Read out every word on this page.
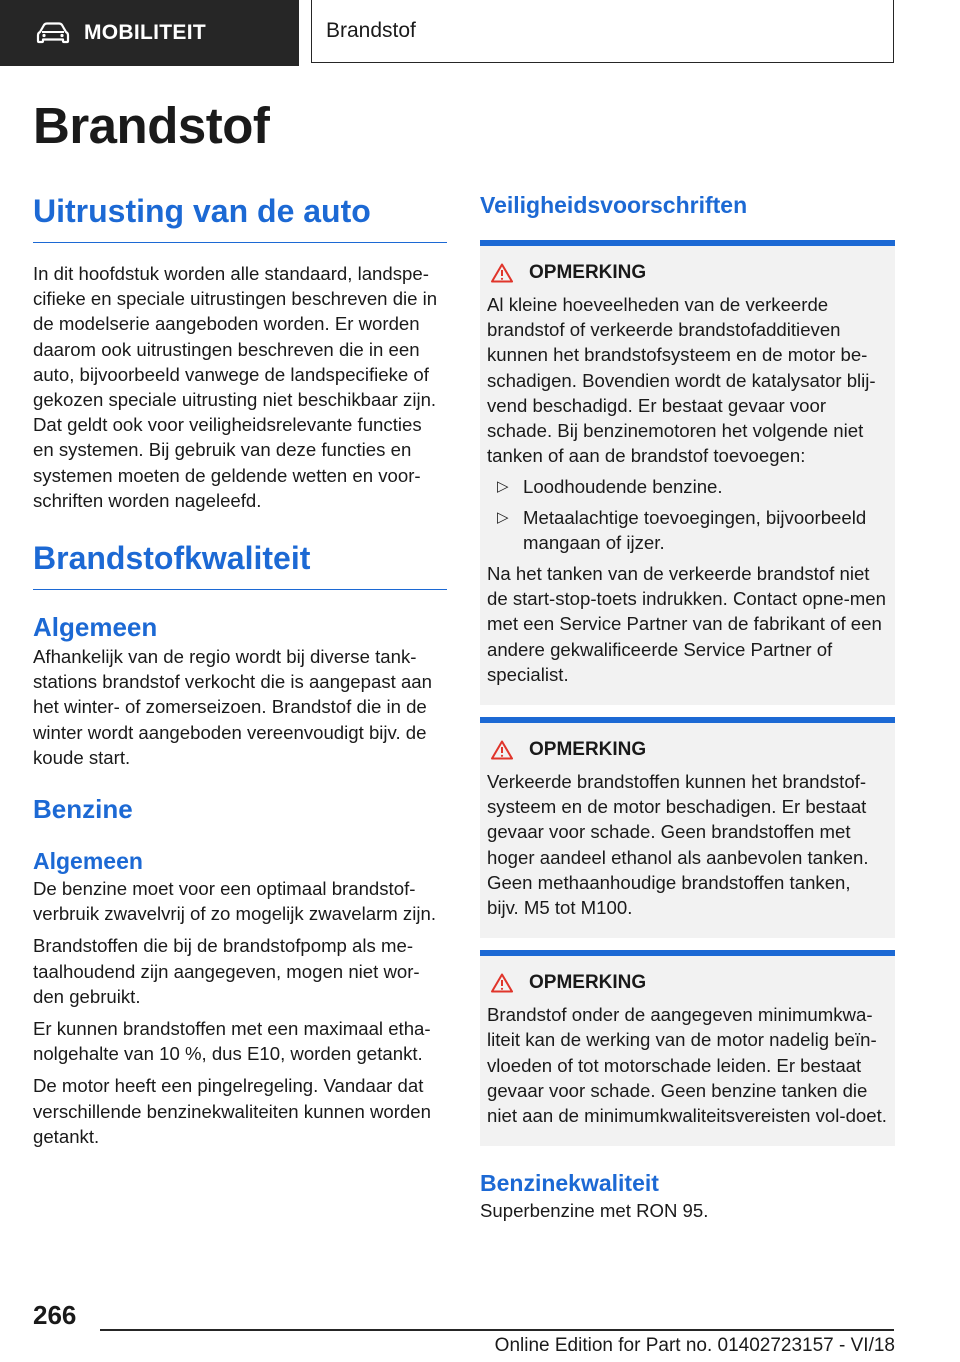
MOBILITEIT	Brandstof
Brandstof
Uitrusting van de auto

In dit hoofdstuk worden alle standaard, landspe-cifieke en speciale uitrustingen beschreven die in de modelserie aangeboden worden. Er worden daarom ook uitrustingen beschreven die in een auto, bijvoorbeeld vanwege de landspecifieke of gekozen speciale uitrusting niet beschikbaar zijn. Dat geldt ook voor veiligheidsrelevante functies en systemen. Bij gebruik van deze functies en systemen moeten de geldende wetten en voor-schriften worden nageleefd.

Brandstofkwaliteit
Algemeen

Afhankelijk van de regio wordt bij diverse tank-stations brandstof verkocht die is aangepast aan het winter- of zomerseizoen. Brandstof die in de winter wordt aangeboden vereenvoudigt bijv. de koude start.

Benzine
Algemeen

De benzine moet voor een optimaal brandstof-verbruik zwavelvrij of zo mogelijk zwavelarm zijn.

Brandstoffen die bij de brandstofpomp als me-taalhoudend zijn aangegeven, mogen niet wor-den gebruikt.

Er kunnen brandstoffen met een maximaal etha-nolgehalte van 10 %, dus E10, worden getankt.

De motor heeft een pingelregeling. Vandaar dat verschillende benzinekwaliteiten kunnen worden getankt.

Veiligheidsvoorschriften
OPMERKING

Al kleine hoeveelheden van de verkeerde brandstof of verkeerde brandstofadditieven kunnen het brandstofsysteem en de motor be-schadigen. Bovendien wordt de katalysator blij-vend beschadigd. Er bestaat gevaar voor schade. Bij benzinemotoren het volgende niet tanken of aan de brandstof toevoegen:

▷ Loodhoudende benzine.
▷ Metaalachtige toevoegingen, bijvoorbeeld mangaan of ijzer.

Na het tanken van de verkeerde brandstof niet de start-stop-toets indrukken. Contact opne-men met een Service Partner van de fabrikant of een andere gekwalificeerde Service Partner of specialist.

OPMERKING

Verkeerde brandstoffen kunnen het brandstof-systeem en de motor beschadigen. Er bestaat gevaar voor schade. Geen brandstoffen met hoger aandeel ethanol als aanbevolen tanken. Geen methaanhoudige brandstoffen tanken, bijv. M5 tot M100.

OPMERKING

Brandstof onder de aangegeven minimumkwa-liteit kan de werking van de motor nadelig beïn-vloeden of tot motorschade leiden. Er bestaat gevaar voor schade. Geen benzine tanken die niet aan de minimumkwaliteitsvereisten vol-doet.

Benzinekwaliteit

Superbenzine met RON 95.

266
Online Edition for Part no. 01402723157 - VI/18
